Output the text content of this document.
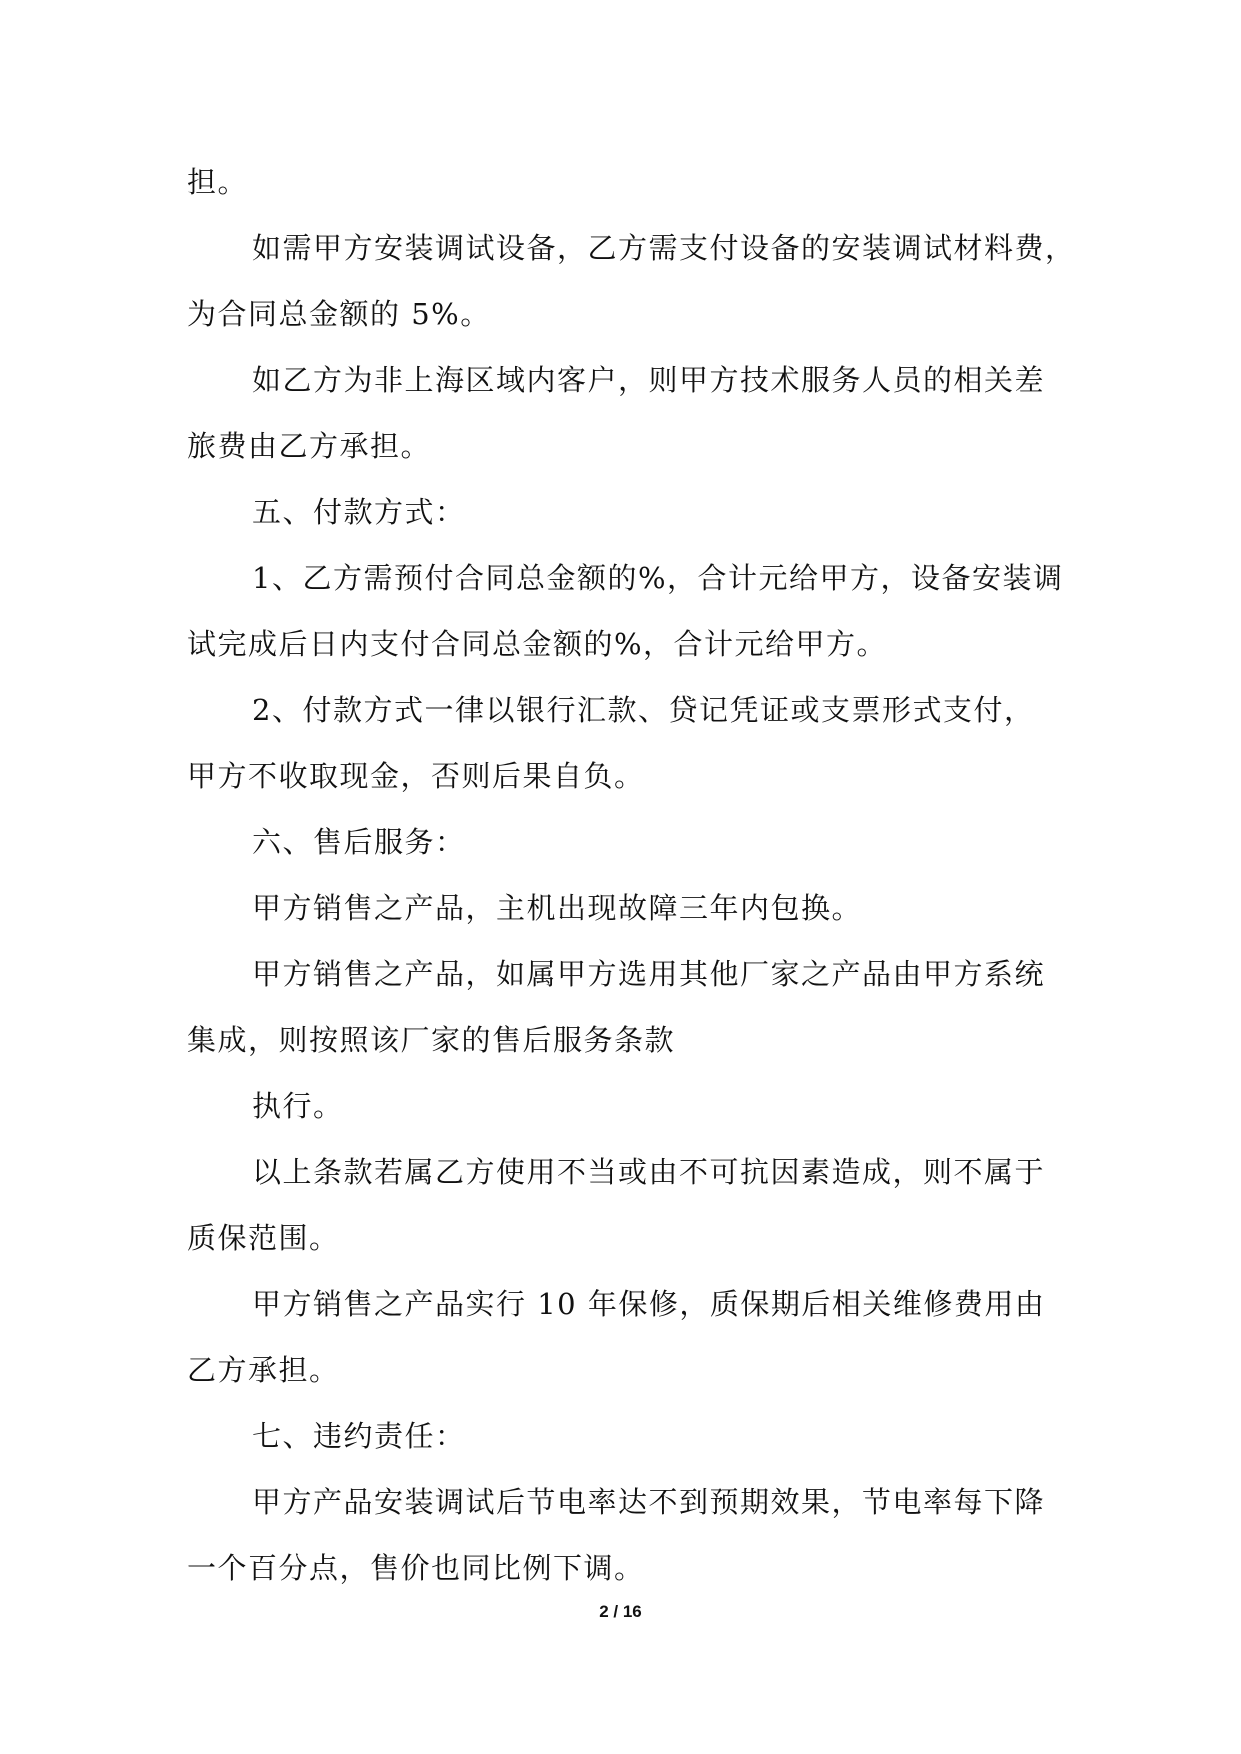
担。
如需甲方安装调试设备，乙方需支付设备的安装调试材料费，
为合同总金额的 5%。
如乙方为非上海区域内客户，则甲方技术服务人员的相关差
旅费由乙方承担。
五、付款方式：
1、乙方需预付合同总金额的%，合计元给甲方，设备安装调
试完成后日内支付合同总金额的%，合计元给甲方。
2、付款方式一律以银行汇款、贷记凭证或支票形式支付，
甲方不收取现金，否则后果自负。
六、售后服务：
甲方销售之产品，主机出现故障三年内包换。
甲方销售之产品，如属甲方选用其他厂家之产品由甲方系统
集成，则按照该厂家的售后服务条款
执行。
以上条款若属乙方使用不当或由不可抗因素造成，则不属于
质保范围。
甲方销售之产品实行 10 年保修，质保期后相关维修费用由
乙方承担。
七、违约责任：
甲方产品安装调试后节电率达不到预期效果，节电率每下降
一个百分点，售价也同比例下调。
2 / 16
